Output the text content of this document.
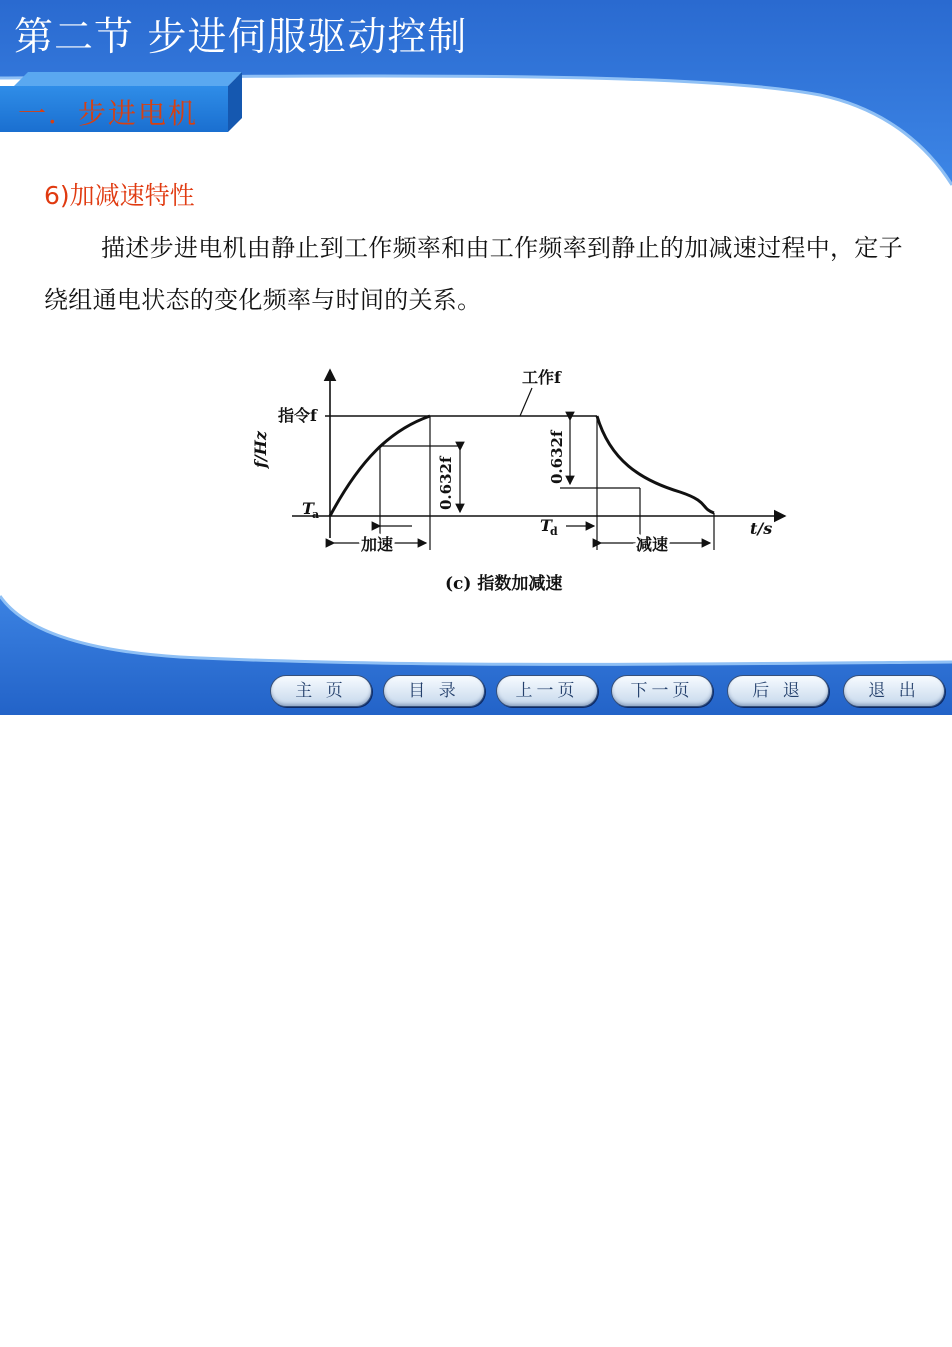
第二节 步进伺服驱动控制
一．步进电机
6)加减速特性
描述步进电机由静止到工作频率和由工作频率到静止的加减速过程中，定子绕组通电状态的变化频率与时间的关系。
指令f
工作f
f/Hz
t/s
T
a
T
d
0.632f	0.632f
加速	减速
(c) 指数加减速
主 页	目 录	上一页	下一页	后 退	退 出
